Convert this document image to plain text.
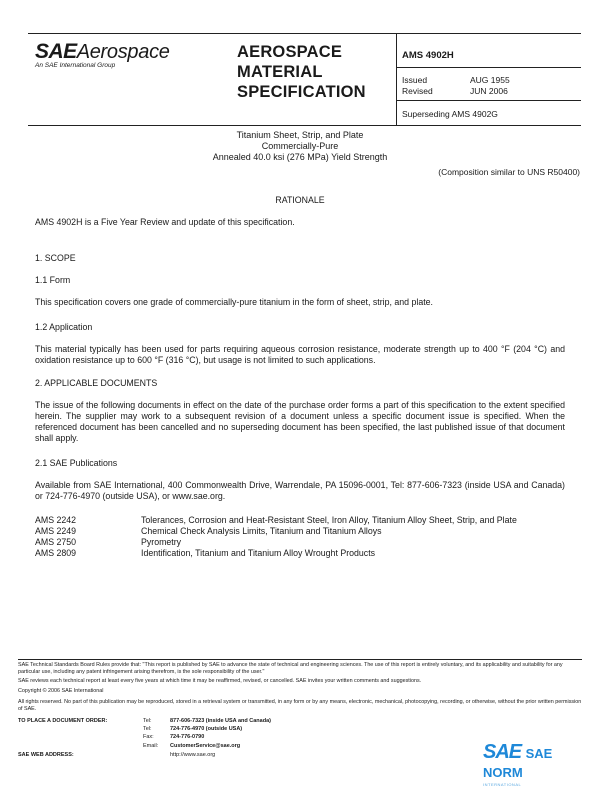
SAEAerospace
An SAE International Group
AEROSPACE
MATERIAL
SPECIFICATION
AMS 4902H
Issued	AUG 1955
Revised	JUN 2006
Superseding AMS 4902G
Titanium Sheet, Strip, and Plate
Commercially-Pure
Annealed 40.0 ksi (276 MPa) Yield Strength
(Composition similar to UNS R50400)
RATIONALE
AMS 4902H is a Five Year Review and update of this specification.
1. SCOPE
1.1 Form
This specification covers one grade of commercially-pure titanium in the form of sheet, strip, and plate.
1.2 Application
This material typically has been used for parts requiring aqueous corrosion resistance, moderate strength up to 400 °F (204 °C) and oxidation resistance up to 600 °F (316 °C), but usage is not limited to such applications.
2. APPLICABLE DOCUMENTS
The issue of the following documents in effect on the date of the purchase order forms a part of this specification to the extent specified herein. The supplier may work to a subsequent revision of a document unless a specific document issue is specified. When the referenced document has been cancelled and no superseding document has been specified, the last published issue of that document shall apply.
2.1 SAE Publications
Available from SAE International, 400 Commonwealth Drive, Warrendale, PA 15096-0001, Tel: 877-606-7323 (inside USA and Canada) or 724-776-4970 (outside USA), or www.sae.org.
AMS 2242	Tolerances, Corrosion and Heat-Resistant Steel, Iron Alloy, Titanium Alloy Sheet, Strip, and Plate
AMS 2249	Chemical Check Analysis Limits, Titanium and Titanium Alloys
AMS 2750	Pyrometry
AMS 2809	Identification, Titanium and Titanium Alloy Wrought Products
SAE Technical Standards Board Rules provide that: "This report is published by SAE to advance the state of technical and engineering sciences. The use of this report is entirely voluntary, and its applicability and suitability for any particular use, including any patent infringement arising therefrom, is the sole responsibility of the user."
SAE reviews each technical report at least every five years at which time it may be reaffirmed, revised, or cancelled. SAE invites your written comments and suggestions.
Copyright © 2006 SAE International
All rights reserved. No part of this publication may be reproduced, stored in a retrieval system or transmitted, in any form or by any means, electronic, mechanical, photocopying, recording, or otherwise, without the prior written permission of SAE.
TO PLACE A DOCUMENT ORDER:	Tel:	877-606-7323 (inside USA and Canada)
Tel:	724-776-4970 (outside USA)
Fax:	724-776-0790
Email: CustomerService@sae.org
SAE WEB ADDRESS:	http://www.sae.org	SAE SAE NORM
INTERNATIONAL
